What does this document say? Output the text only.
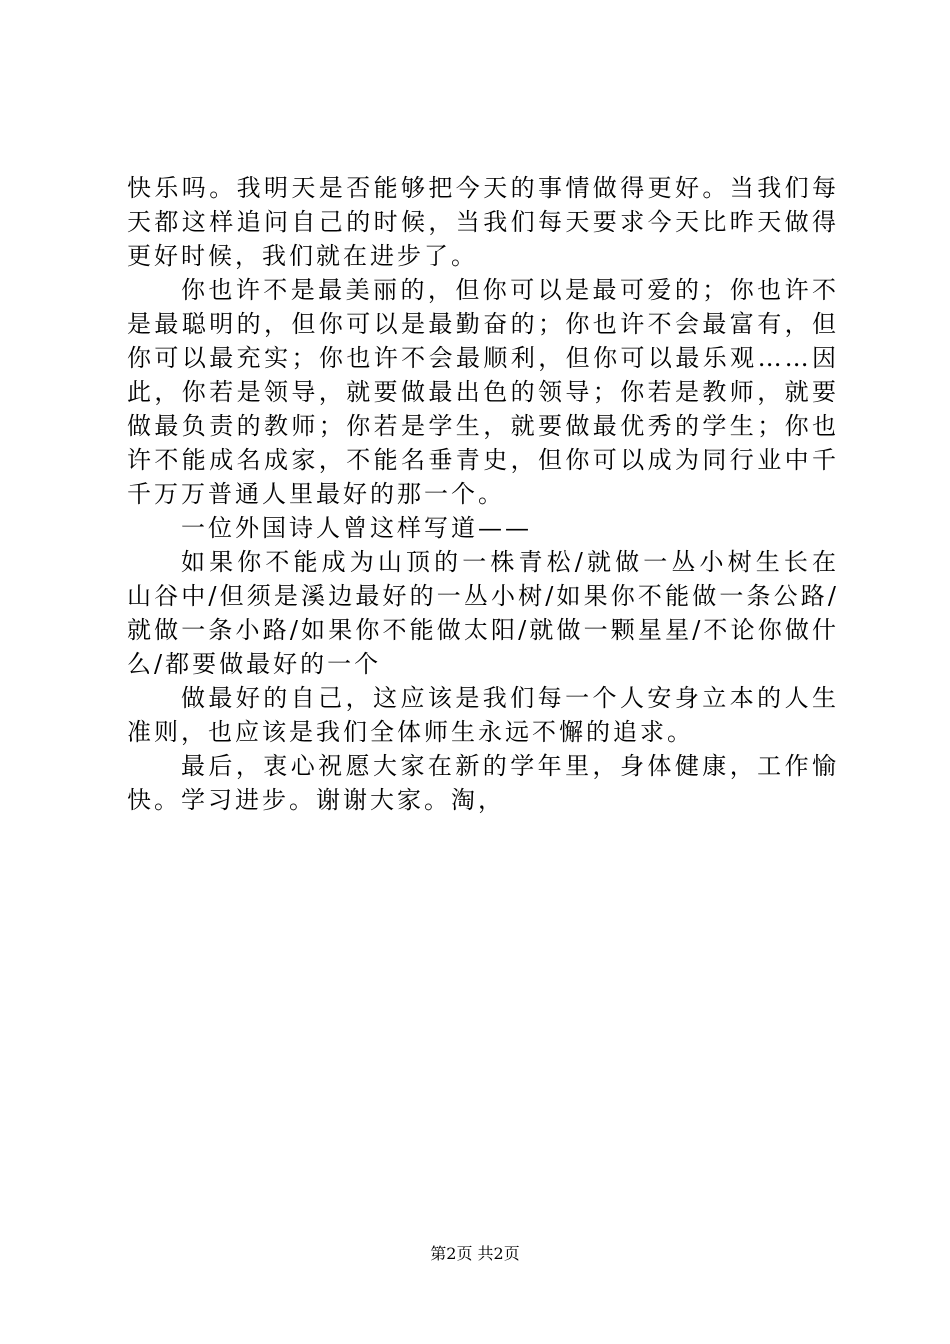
快乐吗。我明天是否能够把今天的事情做得更好。当我们每天都这样追问自己的时候，当我们每天要求今天比昨天做得更好时候，我们就在进步了。

你也许不是最美丽的，但你可以是最可爱的；你也许不是最聪明的，但你可以是最勤奋的；你也许不会最富有，但你可以最充实；你也许不会最顺利，但你可以最乐观……因此，你若是领导，就要做最出色的领导；你若是教师，就要做最负责的教师；你若是学生，就要做最优秀的学生；你也许不能成名成家，不能名垂青史，但你可以成为同行业中千千万万普通人里最好的那一个。

一位外国诗人曾这样写道——

如果你不能成为山顶的一株青松/就做一丛小树生长在山谷中/但须是溪边最好的一丛小树/如果你不能做一条公路/就做一条小路/如果你不能做太阳/就做一颗星星/不论你做什么/都要做最好的一个

做最好的自己，这应该是我们每一个人安身立本的人生准则，也应该是我们全体师生永远不懈的追求。

最后，衷心祝愿大家在新的学年里，身体健康，工作愉快。学习进步。谢谢大家。淘，

第2页 共2页
